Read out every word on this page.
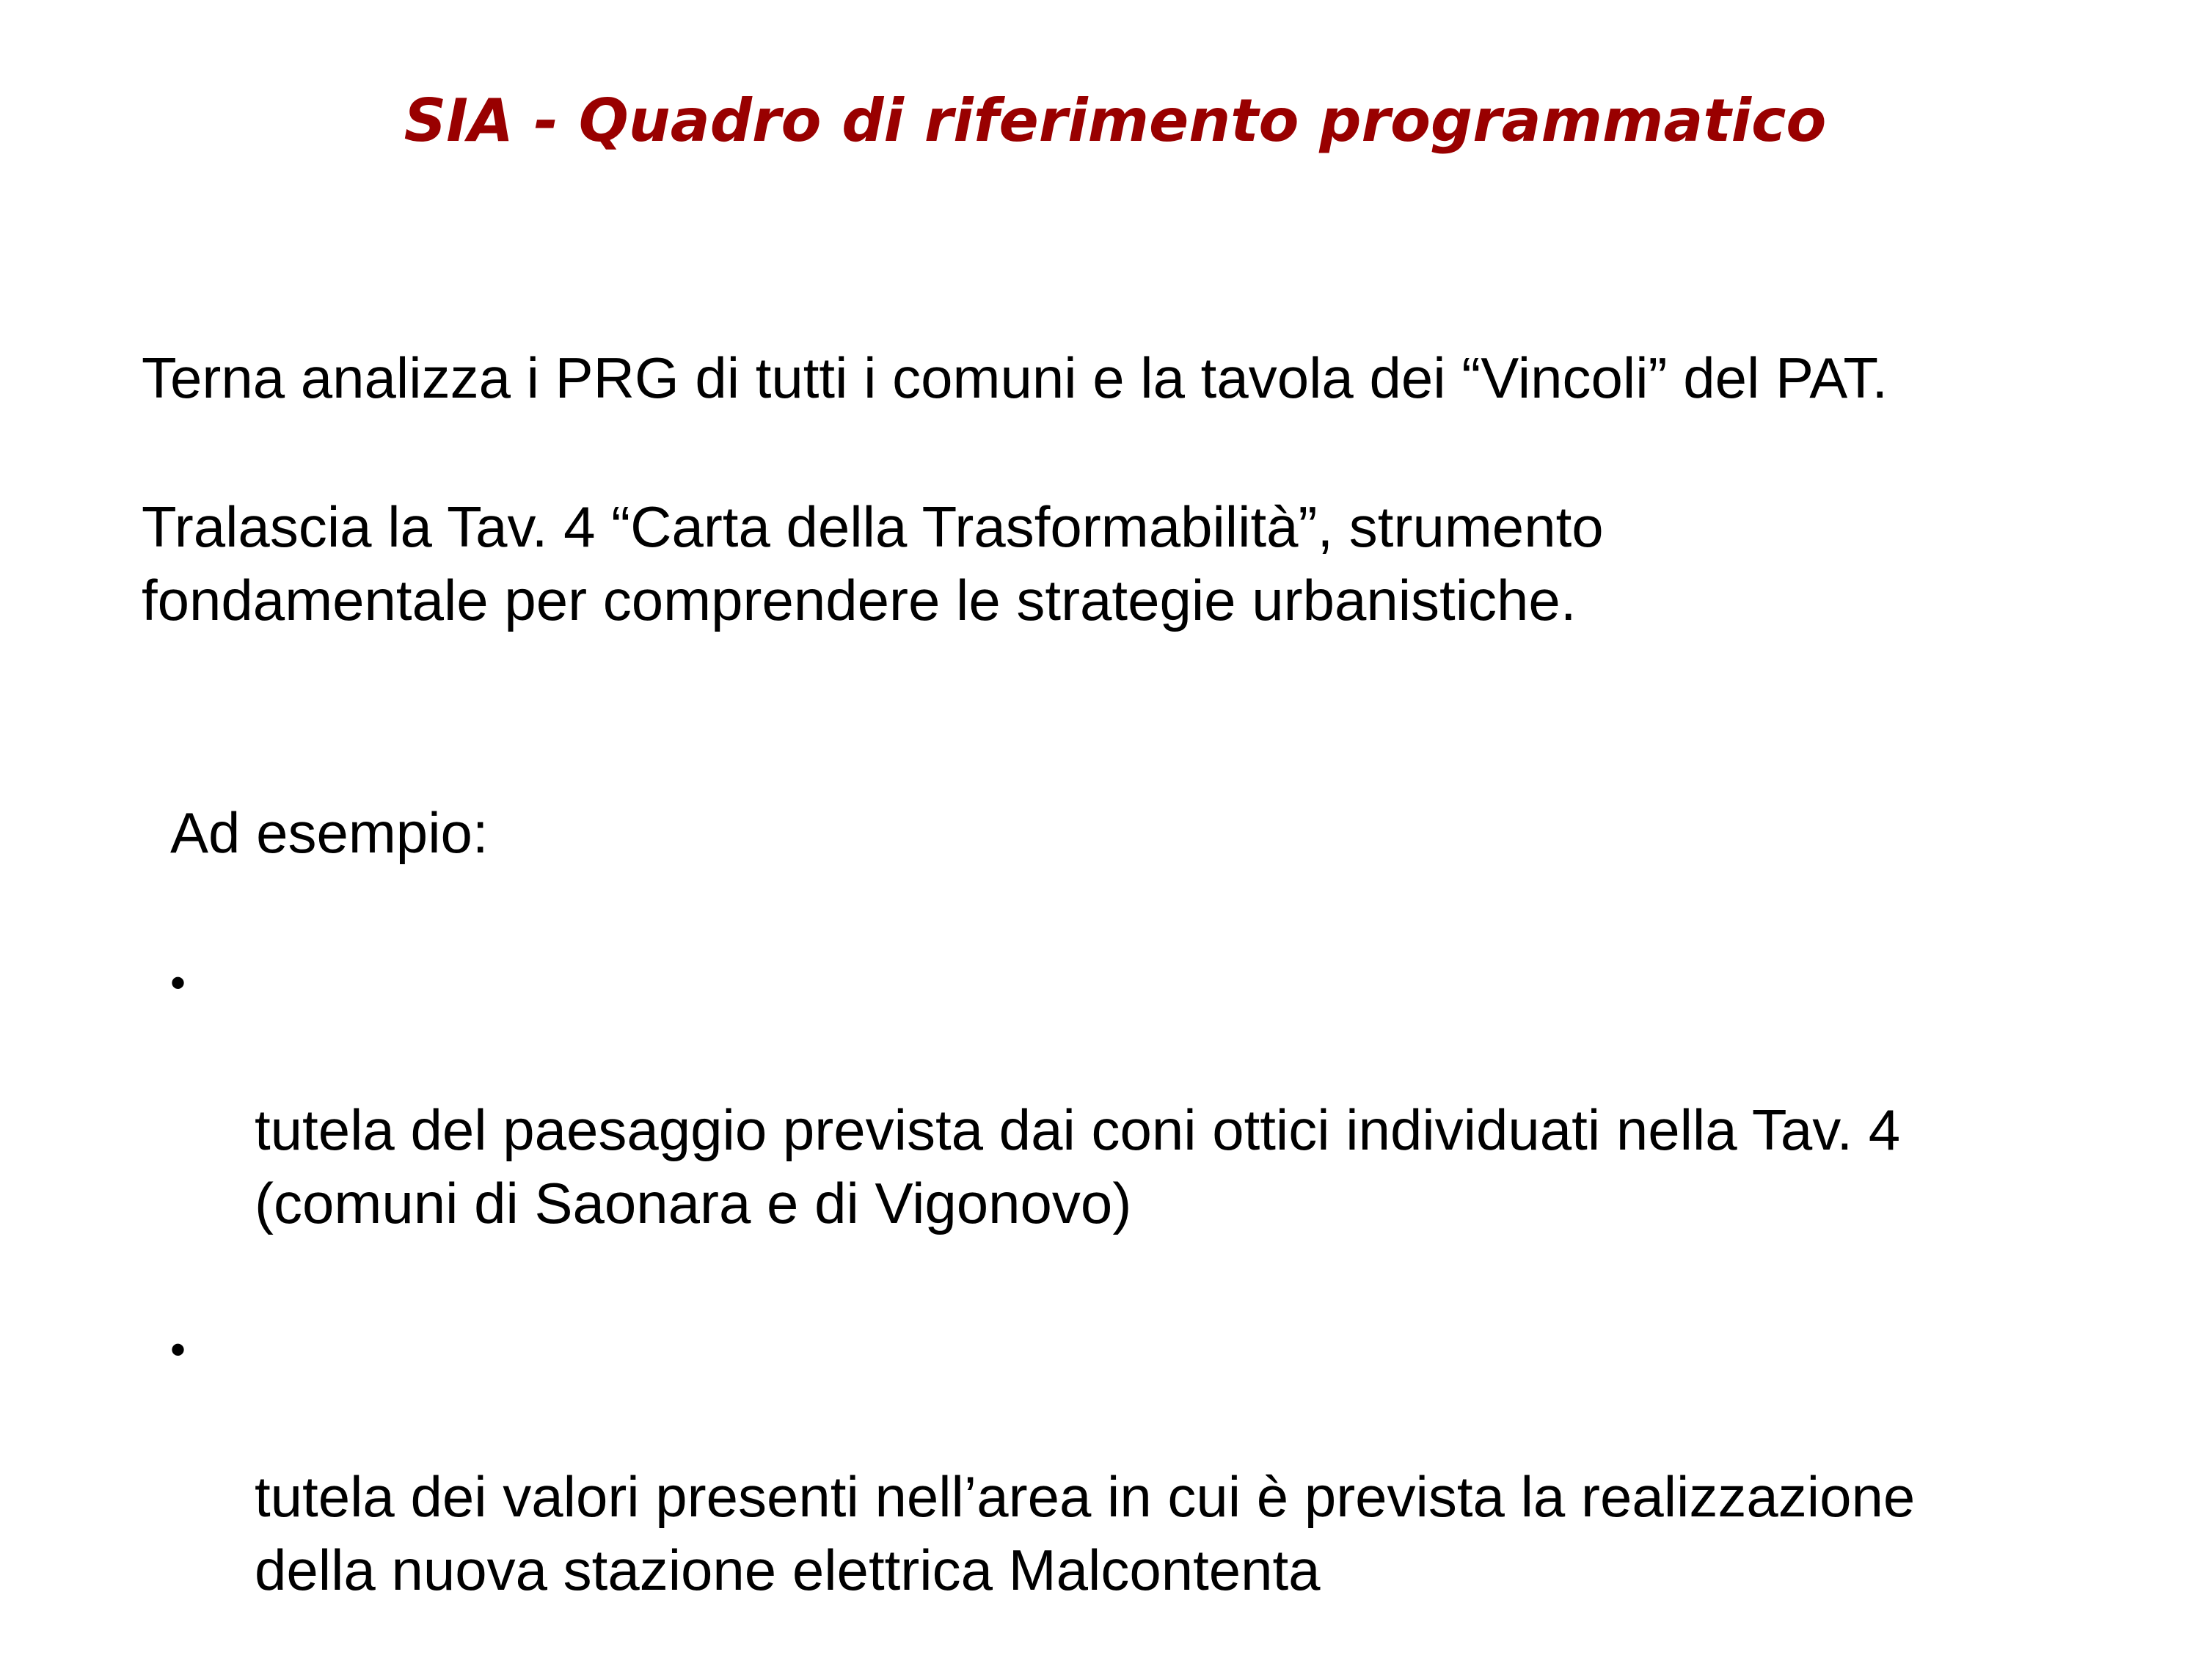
SIA - Quadro di riferimento programmatico

Terna analizza i PRG di tutti i comuni e la tavola dei “Vincoli” del PAT.

Tralascia la Tav. 4 “Carta della Trasformabilità”, strumento
fondamentale per comprendere le strategie urbanistiche.

Ad esempio:

•

tutela del paesaggio prevista dai coni ottici individuati nella Tav. 4
(comuni di Saonara e di Vigonovo)

•

tutela dei valori presenti nell’area in cui è prevista la realizzazione
della nuova stazione elettrica Malcontenta
